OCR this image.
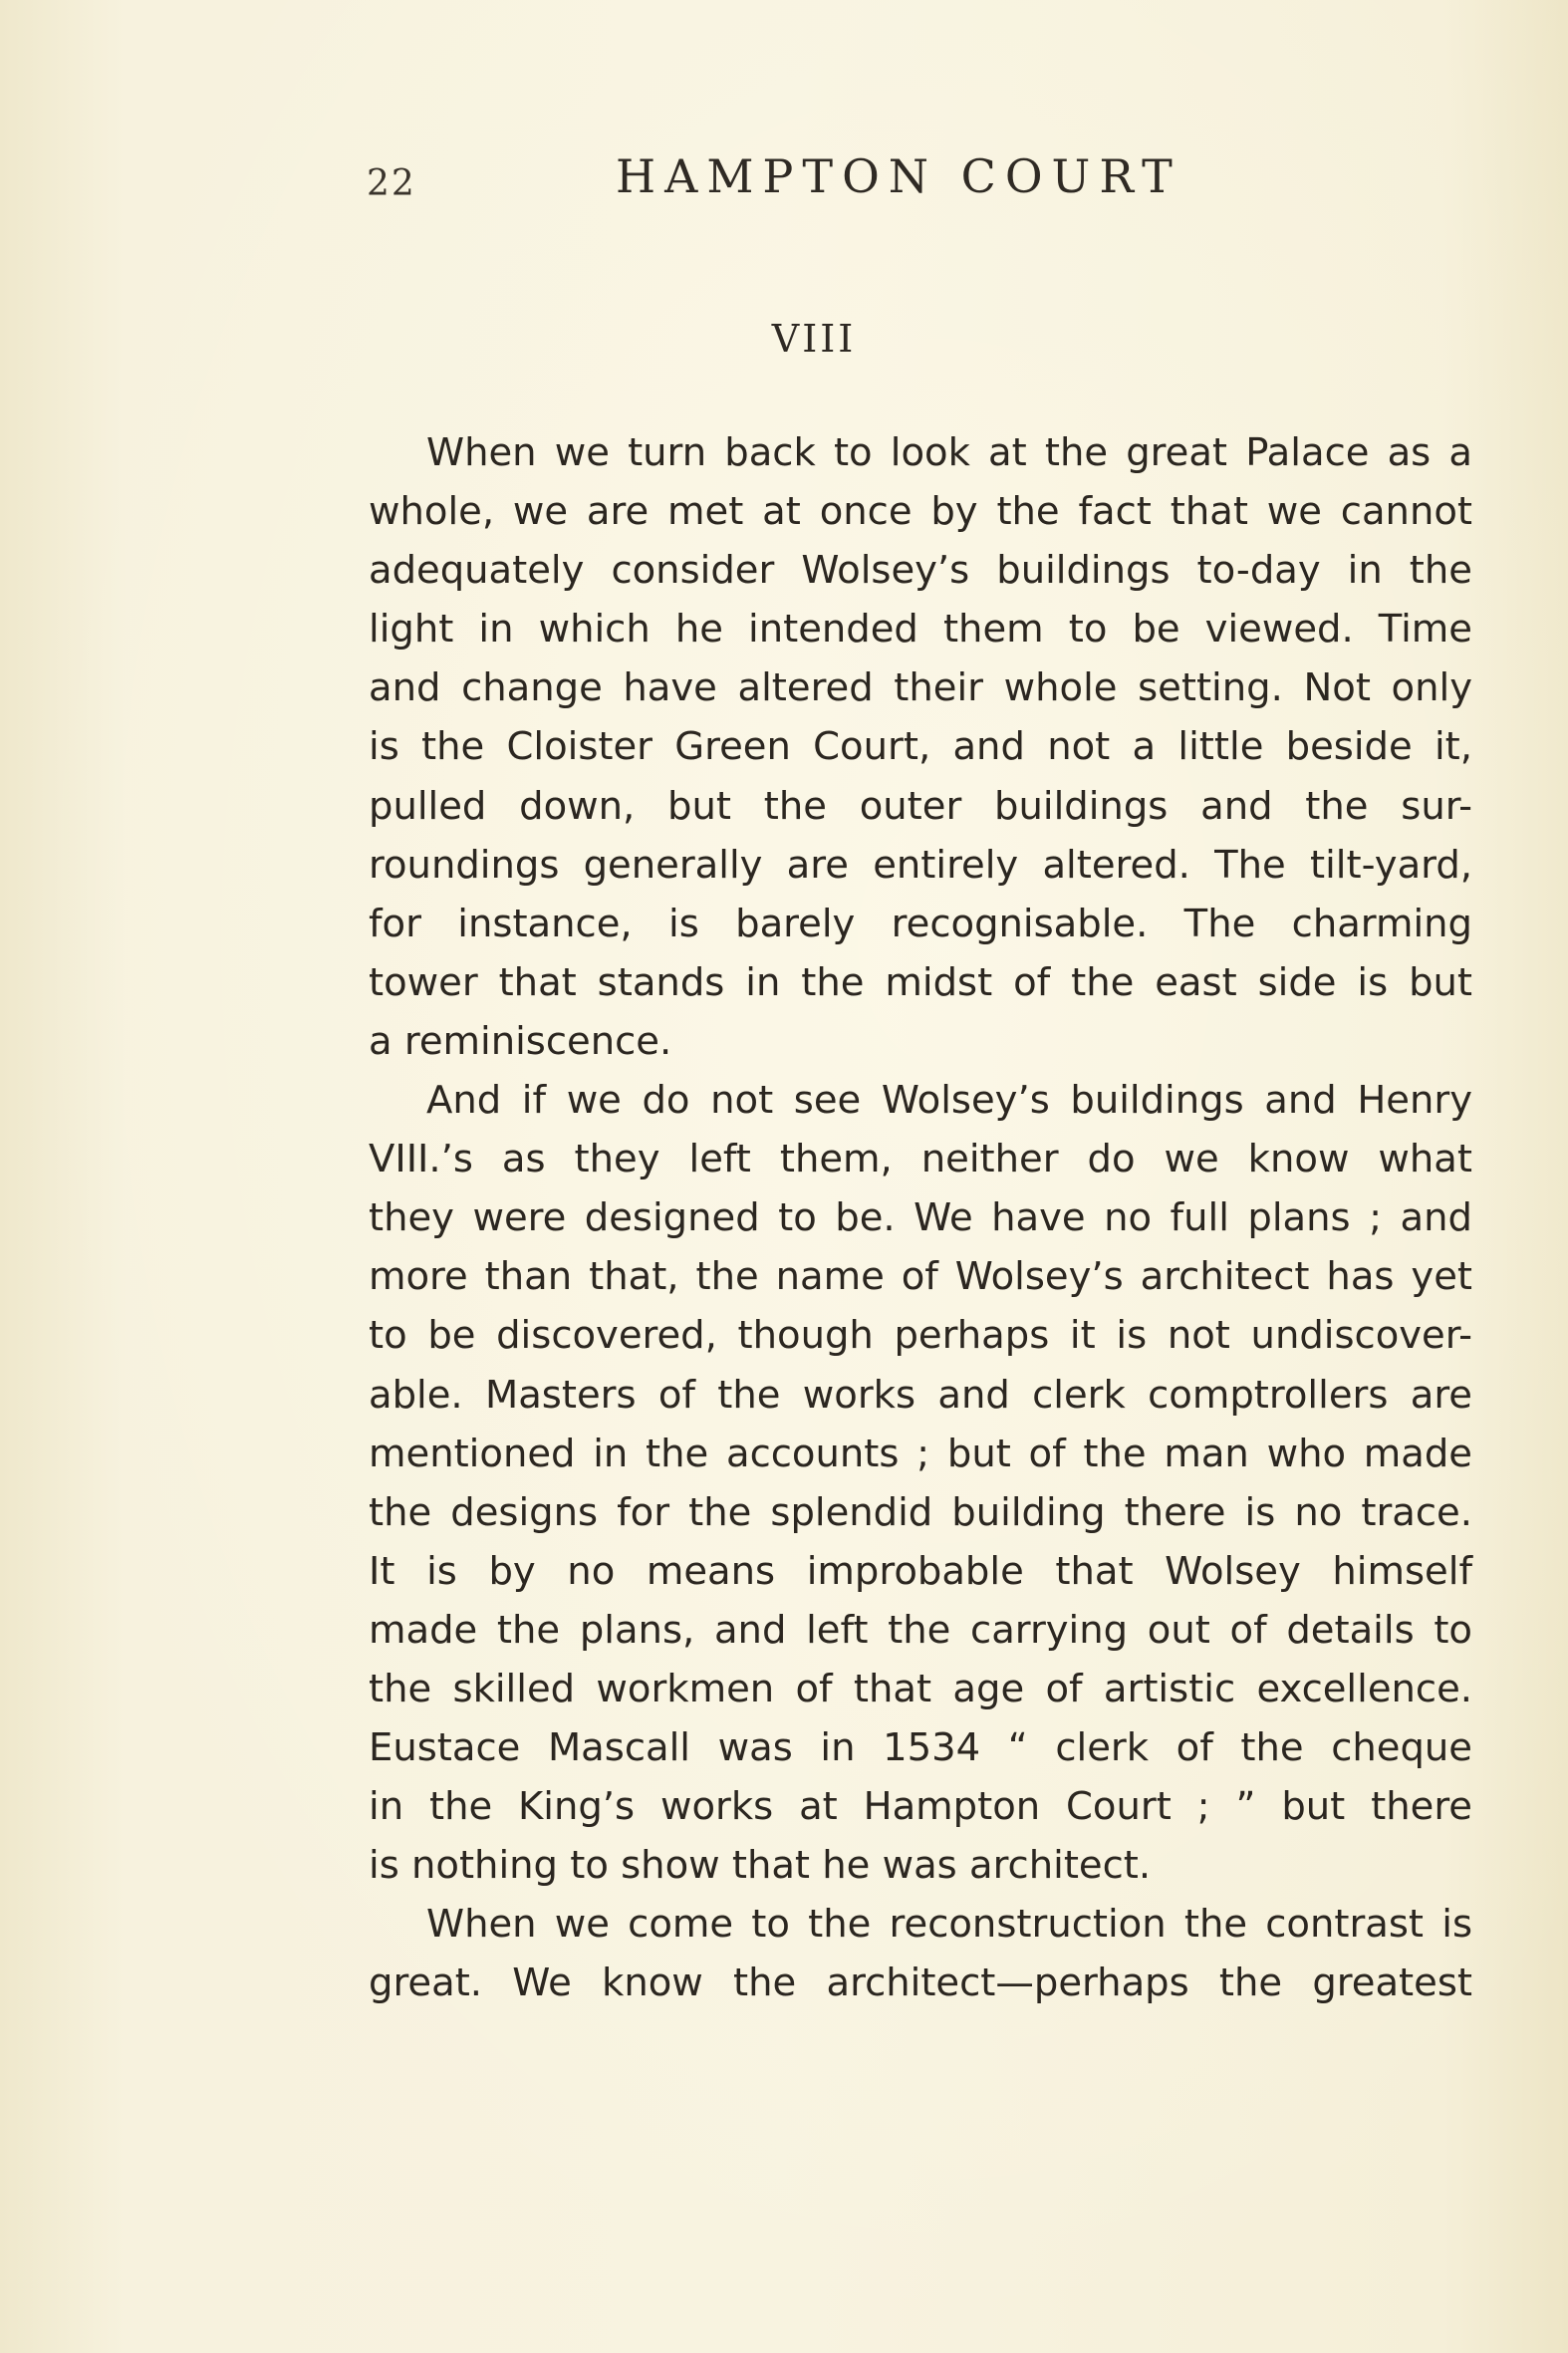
22	HAMPTON COURT
VIII
When we turn back to look at the great Palace as a
whole, we are met at once by the fact that we cannot
adequately consider Wolsey’s buildings to-day in the
light in which he intended them to be viewed. Time
and change have altered their whole setting. Not only
is the Cloister Green Court, and not a little beside it,
pulled down, but the outer buildings and the sur-
roundings generally are entirely altered. The tilt-yard,
for instance, is barely recognisable. The charming
tower that stands in the midst of the east side is but
a reminiscence.
And if we do not see Wolsey’s buildings and Henry
VIII.’s as they left them, neither do we know what
they were designed to be. We have no full plans ; and
more than that, the name of Wolsey’s architect has yet
to be discovered, though perhaps it is not undiscover-
able. Masters of the works and clerk comptrollers are
mentioned in the accounts ; but of the man who made
the designs for the splendid building there is no trace.
It is by no means improbable that Wolsey himself
made the plans, and left the carrying out of details to
the skilled workmen of that age of artistic excellence.
Eustace Mascall was in 1534 “ clerk of the cheque
in the King’s works at Hampton Court ; ” but there
is nothing to show that he was architect.
When we come to the reconstruction the contrast is
great. We know the architect—perhaps the greatest
